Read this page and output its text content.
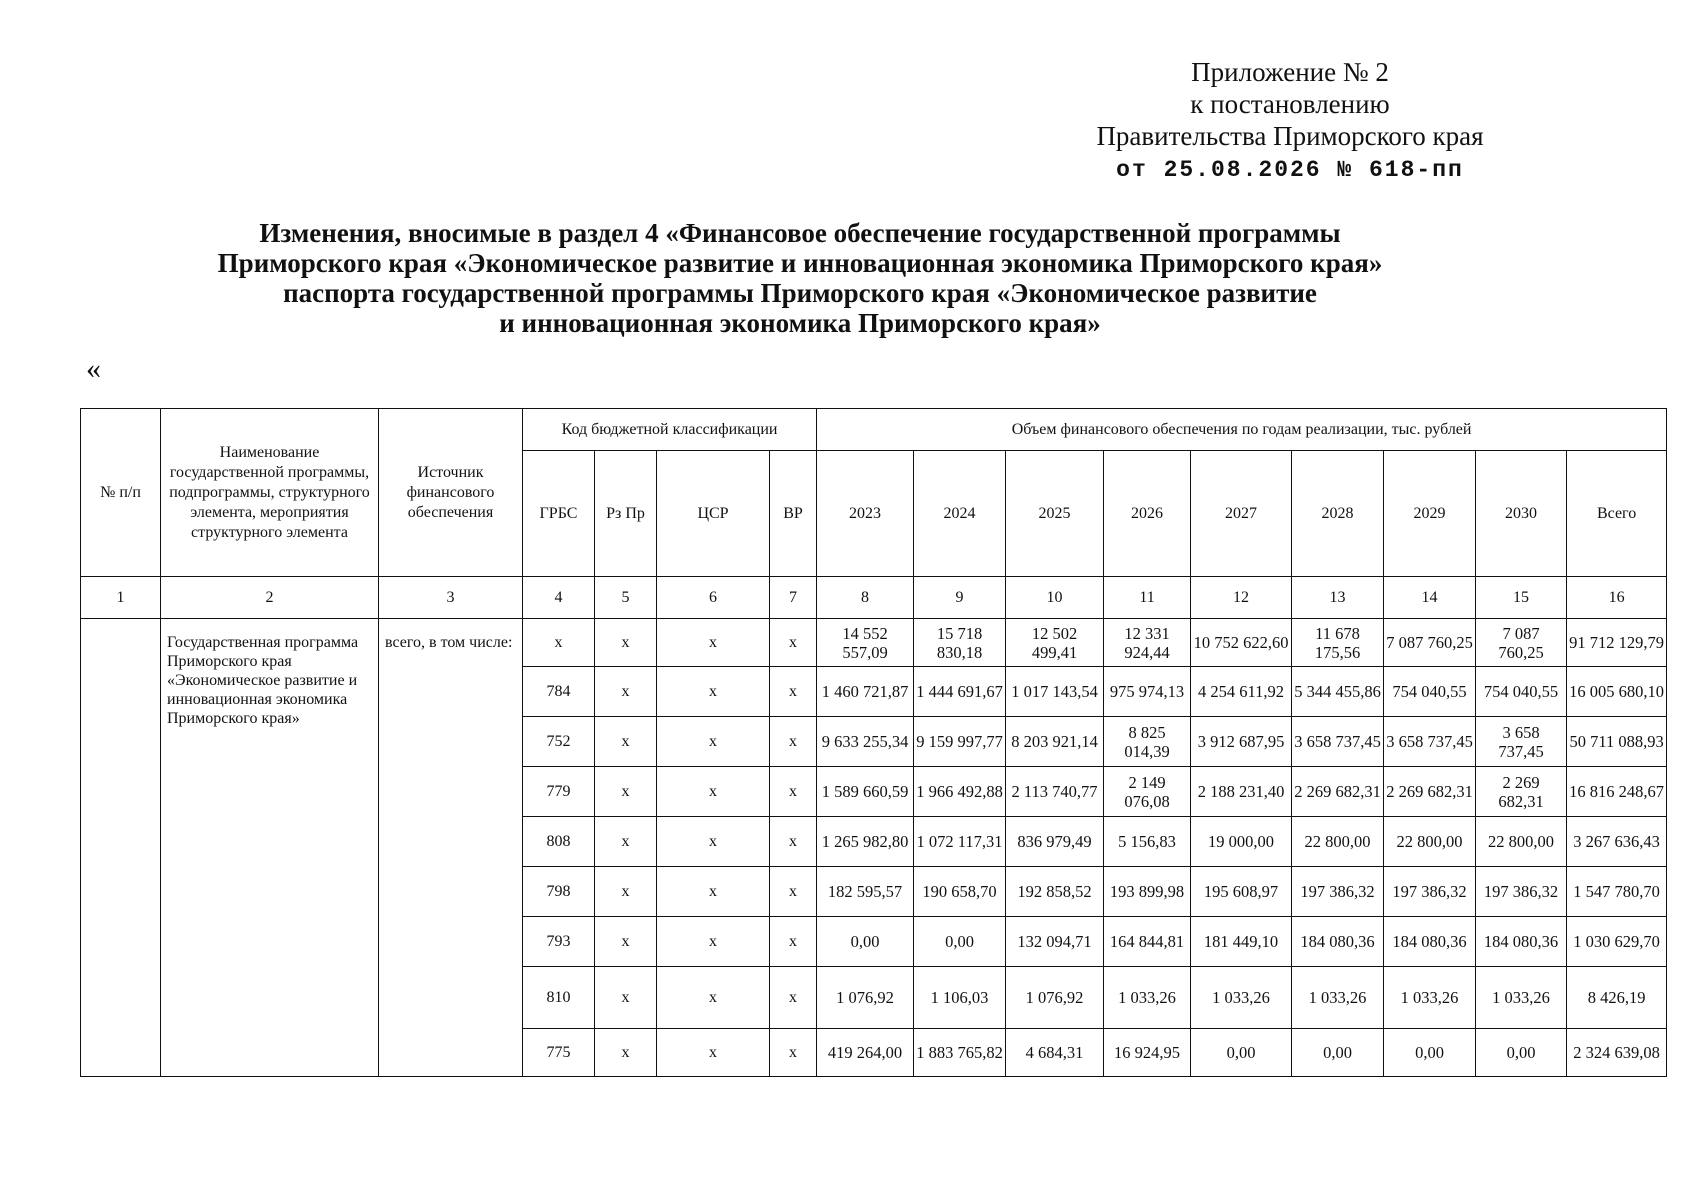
Приложение № 2
к постановлению
Правительства Приморского края
от 25.08.2026 № 618-пп
Изменения, вносимые в раздел 4 «Финансовое обеспечение государственной программы
Приморского края «Экономическое развитие и инновационная экономика Приморского края»
паспорта государственной программы Приморского края «Экономическое развитие
и инновационная экономика Приморского края»
«
№ п/п	Наименование государственной программы, подпрограммы, структурного элемента, мероприятия структурного элемента	Источник финансового обеспечения	Код бюджетной классификации				Объем финансового обеспечения по годам реализации, тыс. рублей								
			ГРБС	Рз Пр	ЦСР	ВР	2023	2024	2025	2026	2027	2028	2029	2030	Всего
1	2	3	4	5	6	7	8	9	10	11	12	13	14	15	16
	Государственная программа Приморского края «Экономическое развитие и инновационная экономика Приморского края»	всего, в том числе:	х	х	х	х	14 552 557,09	15 718 830,18	12 502 499,41	12 331 924,44	10 752 622,60	11 678 175,56	7 087 760,25	7 087 760,25	91 712 129,79
			784	х	х	х	1 460 721,87	1 444 691,67	1 017 143,54	975 974,13	4 254 611,92	5 344 455,86	754 040,55	754 040,55	16 005 680,10
			752	х	х	х	9 633 255,34	9 159 997,77	8 203 921,14	8 825 014,39	3 912 687,95	3 658 737,45	3 658 737,45	3 658 737,45	50 711 088,93
			779	х	х	х	1 589 660,59	1 966 492,88	2 113 740,77	2 149 076,08	2 188 231,40	2 269 682,31	2 269 682,31	2 269 682,31	16 816 248,67
			808	х	х	х	1 265 982,80	1 072 117,31	836 979,49	5 156,83	19 000,00	22 800,00	22 800,00	22 800,00	3 267 636,43
			798	х	х	х	182 595,57	190 658,70	192 858,52	193 899,98	195 608,97	197 386,32	197 386,32	197 386,32	1 547 780,70
			793	х	х	х	0,00	0,00	132 094,71	164 844,81	181 449,10	184 080,36	184 080,36	184 080,36	1 030 629,70
			810	х	х	х	1 076,92	1 106,03	1 076,92	1 033,26	1 033,26	1 033,26	1 033,26	1 033,26	8 426,19
			775	х	х	х	419 264,00	1 883 765,82	4 684,31	16 924,95	0,00	0,00	0,00	0,00	2 324 639,08
